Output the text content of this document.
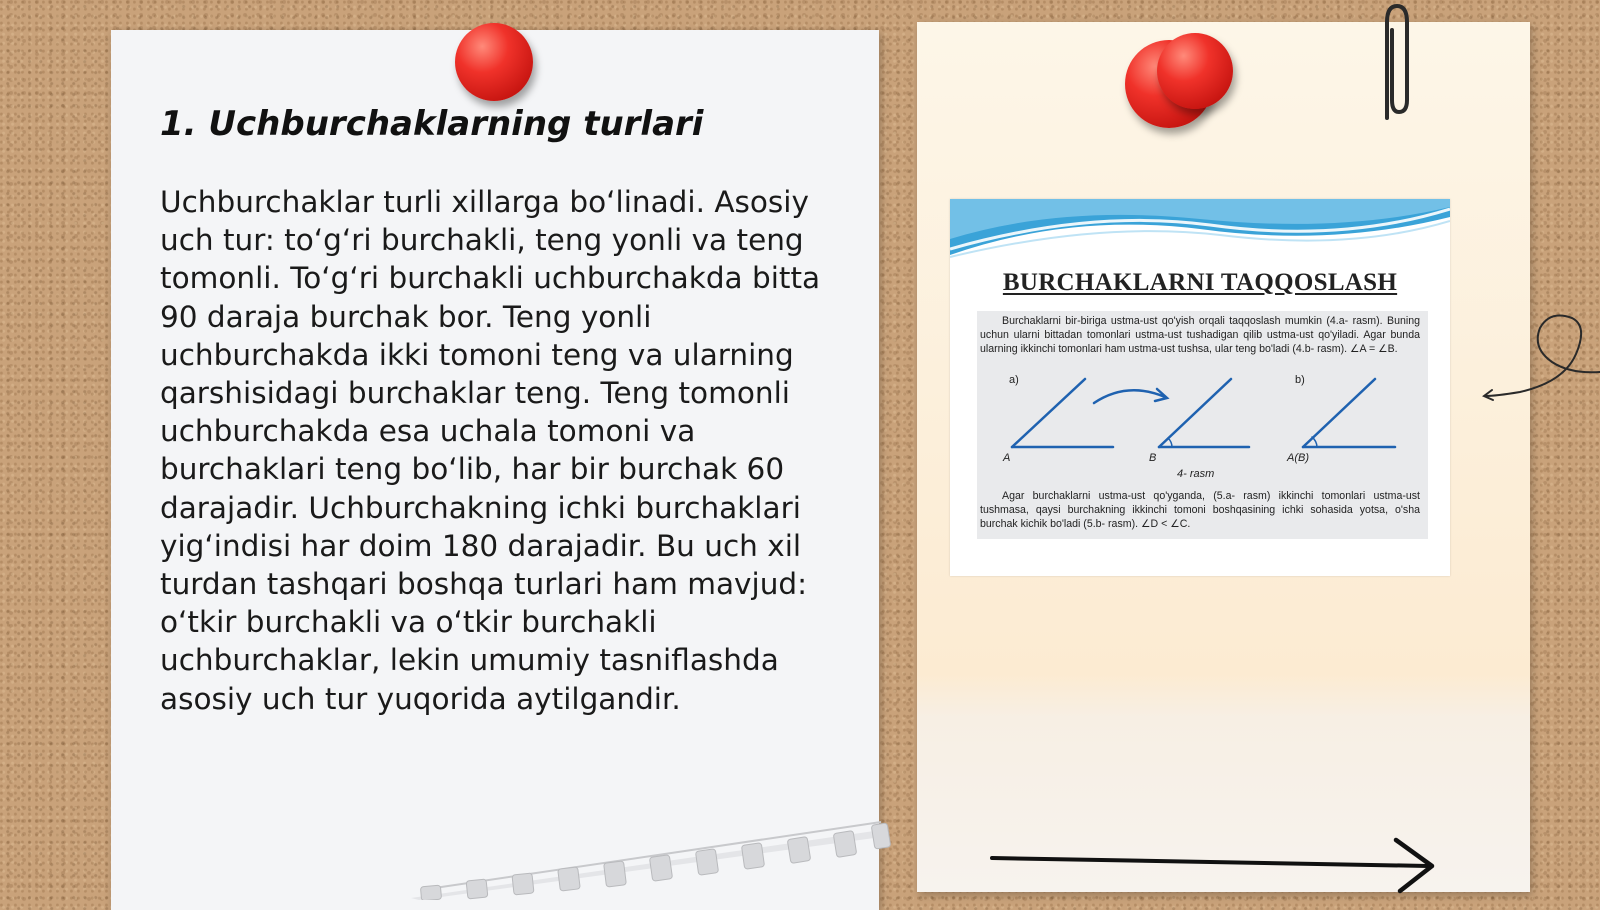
1. Uchburchaklarning turlari

Uchburchaklar turli xillarga bo‘linadi. Asosiy uch tur: to‘g‘ri burchakli, teng yonli va teng tomonli. To‘g‘ri burchakli uchburchakda bitta 90 daraja burchak bor. Teng yonli uchburchakda ikki tomoni teng va ularning qarshisidagi burchaklar teng. Teng tomonli uchburchakda esa uchala tomoni va burchaklari teng bo‘lib, har bir burchak 60 darajadir. Uchburchakning ichki burchaklari yig‘indisi har doim 180 darajadir. Bu uch xil turdan tashqari boshqa turlari ham mavjud: o‘tkir burchakli va o‘tkir burchakli uchburchaklar, lekin umumiy tasniflashda asosiy uch tur yuqorida aytilgandir.

BURCHAKLARNI TAQQOSLASH

Burchaklarni bir-biriga ustma-ust qo'yish orqali taqqoslash mumkin (4.a- rasm). Buning uchun ularni bittadan tomonlari ustma-ust tushadigan qilib ustma-ust qo'yiladi. Agar bunda ularning ikkinchi tomonlari ham ustma-ust tushsa, ular teng bo'ladi (4.b- rasm). ∠A = ∠B.

a)	b)
A	B	A(B)
4- rasm

Agar burchaklarni ustma-ust qo'yganda, (5.a- rasm) ikkinchi tomonlari ustma-ust tushmasa, qaysi burchakning ikkinchi tomoni boshqasining ichki sohasida yotsa, o'sha burchak kichik bo'ladi (5.b- rasm). ∠D < ∠C.
